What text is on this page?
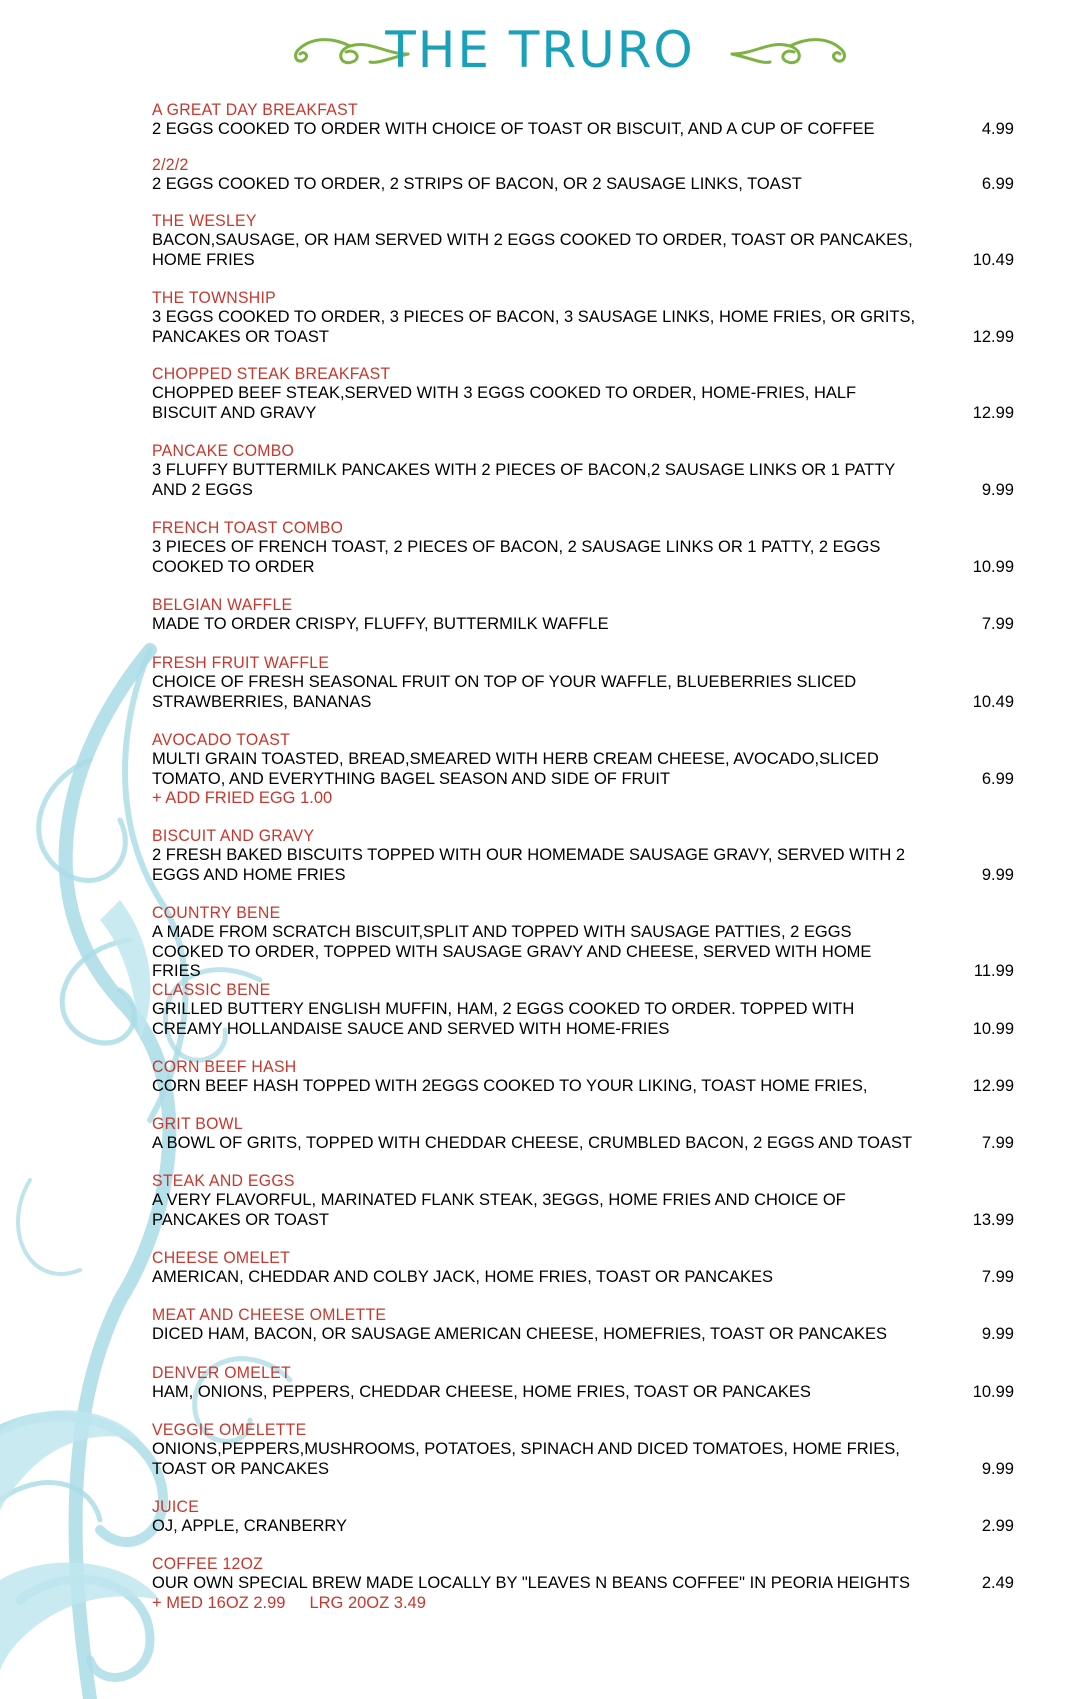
THE TRURO
A GREAT DAY BREAKFAST
2 EGGS COOKED TO ORDER WITH CHOICE OF TOAST OR BISCUIT, AND A CUP OF COFFEE	4.99
2/2/2
2 EGGS COOKED TO ORDER, 2 STRIPS OF BACON, OR 2 SAUSAGE LINKS, TOAST	6.99
THE WESLEY
BACON,SAUSAGE, OR HAM SERVED WITH 2 EGGS COOKED TO ORDER, TOAST OR PANCAKES, HOME FRIES	10.49
THE TOWNSHIP
3 EGGS COOKED TO ORDER, 3 PIECES OF BACON, 3 SAUSAGE LINKS, HOME FRIES, OR GRITS, PANCAKES OR TOAST	12.99
CHOPPED STEAK BREAKFAST
CHOPPED BEEF STEAK,SERVED WITH 3 EGGS COOKED TO ORDER, HOME-FRIES, HALF BISCUIT AND GRAVY	12.99
PANCAKE COMBO
3 FLUFFY BUTTERMILK PANCAKES WITH 2 PIECES OF BACON,2 SAUSAGE LINKS OR 1 PATTY AND 2 EGGS	9.99
FRENCH TOAST COMBO
3 PIECES OF FRENCH TOAST, 2 PIECES OF BACON, 2 SAUSAGE LINKS OR 1 PATTY, 2 EGGS COOKED TO ORDER	10.99
BELGIAN WAFFLE
MADE TO ORDER CRISPY, FLUFFY, BUTTERMILK WAFFLE	7.99
FRESH FRUIT WAFFLE
CHOICE OF FRESH SEASONAL FRUIT ON TOP OF YOUR WAFFLE, BLUEBERRIES SLICED STRAWBERRIES, BANANAS	10.49
AVOCADO TOAST
MULTI GRAIN TOASTED, BREAD,SMEARED WITH HERB CREAM CHEESE, AVOCADO,SLICED TOMATO, AND EVERYTHING BAGEL SEASON AND SIDE OF FRUIT	6.99
+ ADD FRIED EGG 1.00
BISCUIT AND GRAVY
2 FRESH BAKED BISCUITS TOPPED WITH OUR HOMEMADE SAUSAGE GRAVY, SERVED WITH 2 EGGS AND HOME FRIES	9.99
COUNTRY BENE
A MADE FROM SCRATCH BISCUIT,SPLIT AND TOPPED WITH SAUSAGE PATTIES, 2 EGGS COOKED TO ORDER, TOPPED WITH SAUSAGE GRAVY AND CHEESE, SERVED WITH HOME FRIES	11.99
CLASSIC BENE
GRILLED BUTTERY ENGLISH MUFFIN, HAM, 2 EGGS COOKED TO ORDER. TOPPED WITH CREAMY HOLLANDAISE SAUCE AND SERVED WITH HOME-FRIES	10.99
CORN BEEF HASH
CORN BEEF HASH TOPPED WITH 2EGGS COOKED TO YOUR LIKING, TOAST HOME FRIES,	12.99
GRIT BOWL
A BOWL OF GRITS, TOPPED WITH CHEDDAR CHEESE, CRUMBLED BACON, 2 EGGS AND TOAST	7.99
STEAK AND EGGS
A VERY FLAVORFUL, MARINATED FLANK STEAK, 3EGGS, HOME FRIES AND CHOICE OF PANCAKES OR TOAST	13.99
CHEESE OMELET
AMERICAN, CHEDDAR AND COLBY JACK, HOME FRIES, TOAST OR PANCAKES	7.99
MEAT AND CHEESE OMLETTE
DICED HAM, BACON, OR SAUSAGE AMERICAN CHEESE, HOMEFRIES, TOAST OR PANCAKES	9.99
DENVER OMELET
HAM, ONIONS, PEPPERS, CHEDDAR CHEESE, HOME FRIES, TOAST OR PANCAKES	10.99
VEGGIE OMELETTE
ONIONS,PEPPERS,MUSHROOMS, POTATOES, SPINACH AND DICED TOMATOES, HOME FRIES, TOAST OR PANCAKES	9.99
JUICE
OJ, APPLE, CRANBERRY	2.99
COFFEE 12OZ
OUR OWN SPECIAL BREW MADE LOCALLY BY "LEAVES N BEANS COFFEE" IN PEORIA HEIGHTS	2.49
+ MED 16OZ 2.99 LRG 20OZ 3.49
